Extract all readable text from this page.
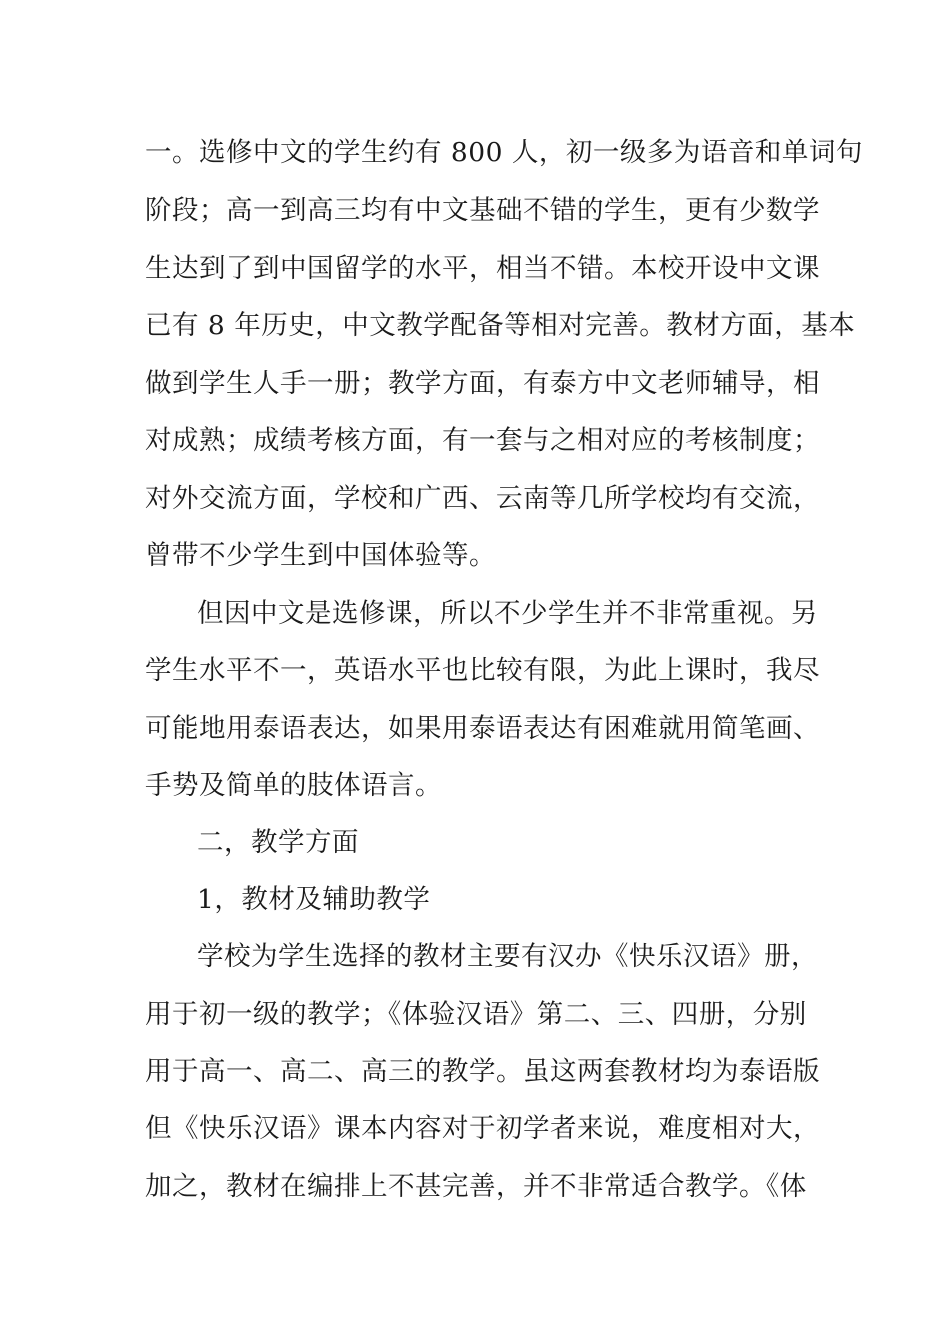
一。选修中文的学生约有 800 人，初一级多为语音和单词句
阶段；高一到高三均有中文基础不错的学生，更有少数学
生达到了到中国留学的水平，相当不错。本校开设中文课
已有 8 年历史，中文教学配备等相对完善。教材方面，基本
做到学生人手一册；教学方面，有泰方中文老师辅导，相
对成熟；成绩考核方面，有一套与之相对应的考核制度；
对外交流方面，学校和广西、云南等几所学校均有交流，
曾带不少学生到中国体验等。
但因中文是选修课，所以不少学生并不非常重视。另
学生水平不一，英语水平也比较有限，为此上课时，我尽
可能地用泰语表达，如果用泰语表达有困难就用简笔画、
手势及简单的肢体语言。
二，教学方面
1，教材及辅助教学
学校为学生选择的教材主要有汉办《快乐汉语》册，
用于初一级的教学；《体验汉语》第二、三、四册，分别
用于高一、高二、高三的教学。虽这两套教材均为泰语版
但《快乐汉语》课本内容对于初学者来说，难度相对大，
加之，教材在编排上不甚完善，并不非常适合教学。《体
